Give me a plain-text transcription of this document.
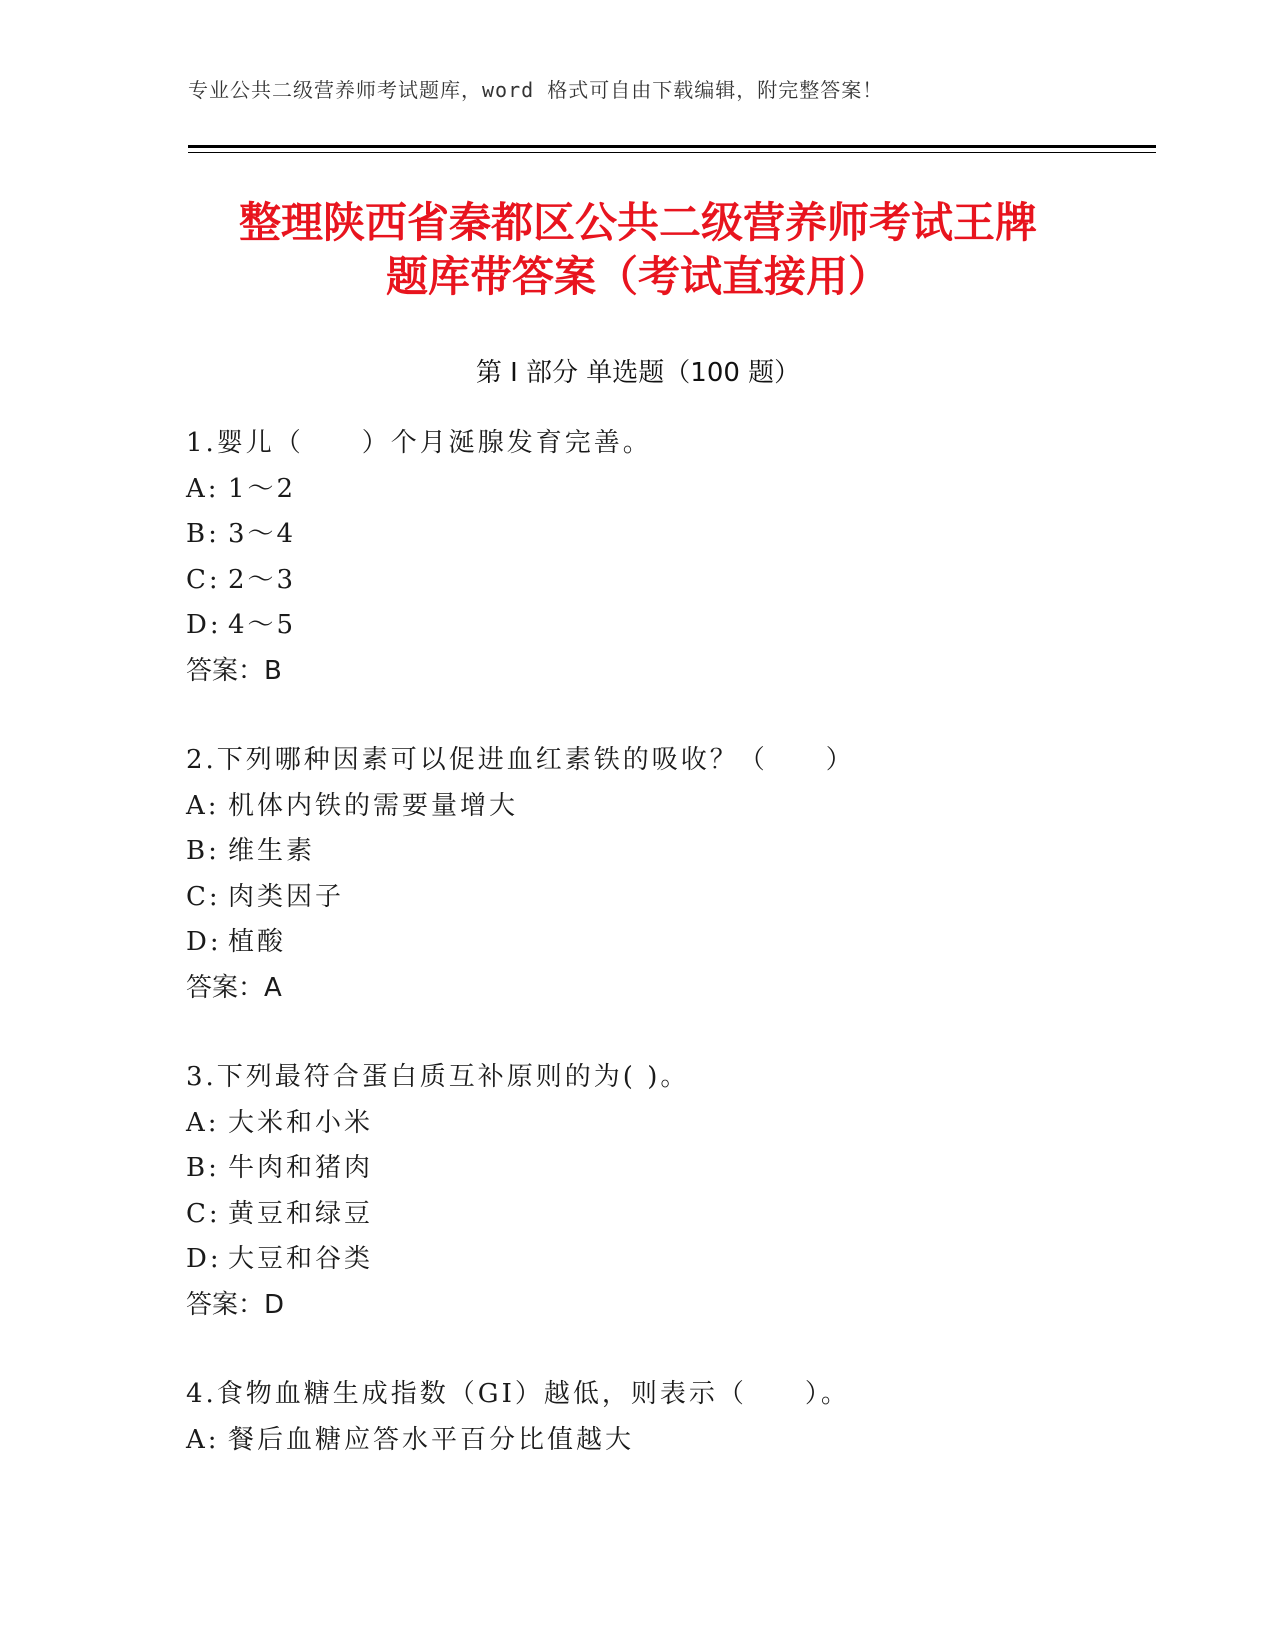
专业公共二级营养师考试题库，word 格式可自由下载编辑，附完整答案！
整理陕西省秦都区公共二级营养师考试王牌
题库带答案（考试直接用）
第 I 部分 单选题（100 题）
1.婴儿（　　）个月涎腺发育完善。
A: 1～2
B: 3～4
C: 2～3
D: 4～5
答案：B
2.下列哪种因素可以促进血红素铁的吸收？（　　）
A: 机体内铁的需要量增大
B: 维生素
C: 肉类因子
D: 植酸
答案：A
3.下列最符合蛋白质互补原则的为( )。
A: 大米和小米
B: 牛肉和猪肉
C: 黄豆和绿豆
D: 大豆和谷类
答案：D
4.食物血糖生成指数（GI）越低，则表示（　　）。
A: 餐后血糖应答水平百分比值越大
